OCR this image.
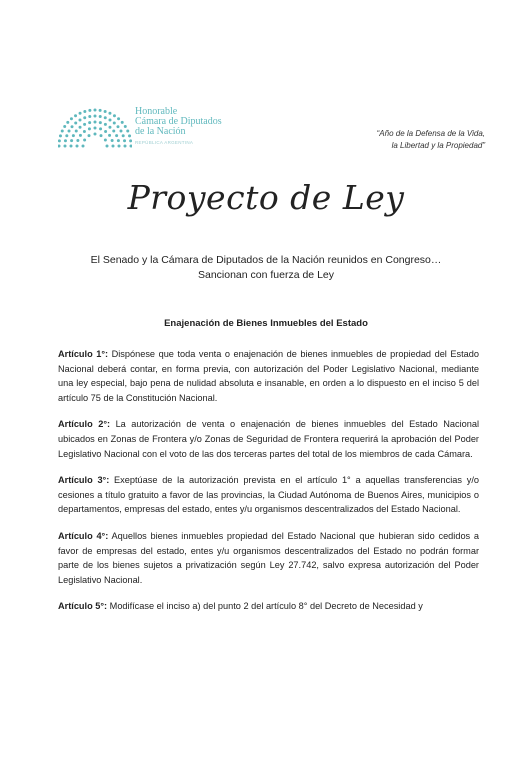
Honorable
Cámara de Diputados
de la Nación
REPÚBLICA ARGENTINA
“Año de la Defensa de la Vida,
la Libertad y la Propiedad”
Proyecto de Ley
El Senado y la Cámara de Diputados de la Nación reunidos en Congreso…
Sancionan con fuerza de Ley
Enajenación de Bienes Inmuebles del Estado

Artículo 1°: Dispónese que toda venta o enajenación de bienes inmuebles de propiedad del Estado Nacional deberá contar, en forma previa, con autorización del Poder Legislativo Nacional, mediante una ley especial, bajo pena de nulidad absoluta e insanable, en orden a lo dispuesto en el inciso 5 del artículo 75 de la Constitución Nacional.

Artículo 2°: La autorización de venta o enajenación de bienes inmuebles del Estado Nacional ubicados en Zonas de Frontera y/o Zonas de Seguridad de Frontera requerirá la aprobación del Poder Legislativo Nacional con el voto de las dos terceras partes del total de los miembros de cada Cámara.

Artículo 3°: Exeptúase de la autorización prevista en el artículo 1° a aquellas transferencias y/o cesiones a título gratuito a favor de las provincias, la Ciudad Autónoma de Buenos Aires, municipios o departamentos, empresas del estado, entes y/u organismos descentralizados del Estado Nacional.

Artículo 4°: Aquellos bienes inmuebles propiedad del Estado Nacional que hubieran sido cedidos a favor de empresas del estado, entes y/u organismos descentralizados del Estado no podrán formar parte de los bienes sujetos a privatización según Ley 27.742, salvo expresa autorización del Poder Legislativo Nacional.

Artículo 5°: Modifícase el inciso a) del punto 2 del artículo 8° del Decreto de Necesidad y
